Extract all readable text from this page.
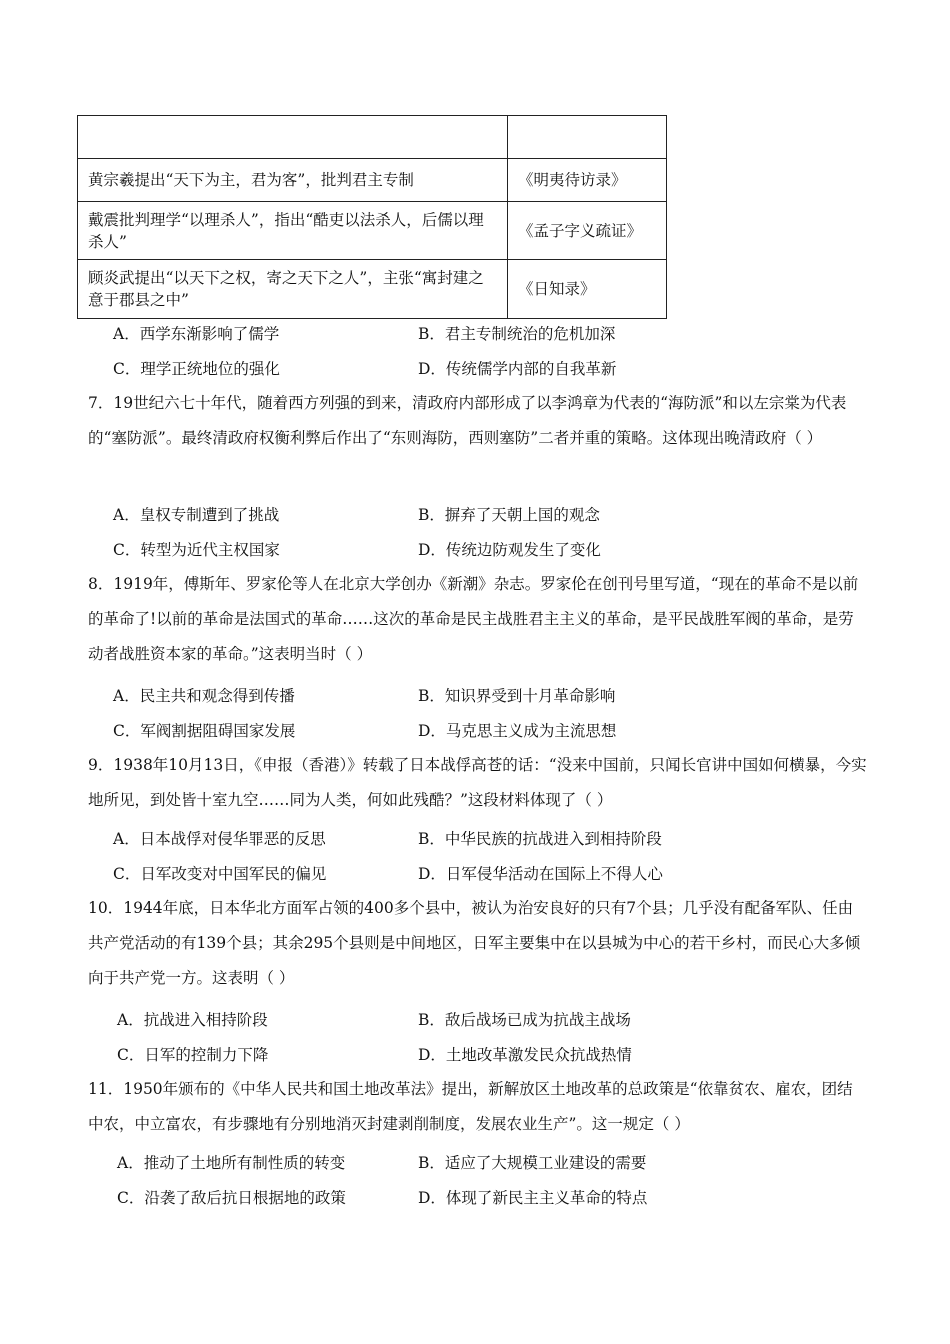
黄宗羲提出“天下为主，君为客”，批判君主专制	《明夷待访录》
戴震批判理学“以理杀人”，指出“酷吏以法杀人，后儒以理杀人”	《孟子字义疏证》
顾炎武提出“以天下之权，寄之天下之人”，主张“寓封建之意于郡县之中”	《日知录》
A．西学东渐影响了儒学	B．君主专制统治的危机加深
C．理学正统地位的强化	D．传统儒学内部的自我革新
7．19世纪六七十年代，随着西方列强的到来，清政府内部形成了以李鸿章为代表的“海防派”和以左宗棠为代表的“塞防派”。最终清政府权衡利弊后作出了“东则海防，西则塞防”二者并重的策略。这体现出晚清政府（ ）
A．皇权专制遭到了挑战	B．摒弃了天朝上国的观念
C．转型为近代主权国家	D．传统边防观发生了变化
8．1919年，傅斯年、罗家伦等人在北京大学创办《新潮》杂志。罗家伦在创刊号里写道，“现在的革命不是以前的革命了!以前的革命是法国式的革命……这次的革命是民主战胜君主主义的革命，是平民战胜军阀的革命，是劳动者战胜资本家的革命。”这表明当时（ ）
A．民主共和观念得到传播	B．知识界受到十月革命影响
C．军阀割据阻碍国家发展	D．马克思主义成为主流思想
9．1938年10月13日，《申报（香港）》转载了日本战俘高苍的话：“没来中国前，只闻长官讲中国如何横暴，今实地所见，到处皆十室九空……同为人类，何如此残酷？”这段材料体现了（ ）
A．日本战俘对侵华罪恶的反思	B．中华民族的抗战进入到相持阶段
C．日军改变对中国军民的偏见	D．日军侵华活动在国际上不得人心
10．1944年底，日本华北方面军占领的400多个县中，被认为治安良好的只有7个县；几乎没有配备军队、任由共产党活动的有139个县；其余295个县则是中间地区，日军主要集中在以县城为中心的若干乡村，而民心大多倾向于共产党一方。这表明（ ）
A．抗战进入相持阶段	B．敌后战场已成为抗战主战场
C．日军的控制力下降	D．土地改革激发民众抗战热情
11．1950年颁布的《中华人民共和国土地改革法》提出，新解放区土地改革的总政策是“依靠贫农、雇农，团结中农，中立富农，有步骤地有分别地消灭封建剥削制度，发展农业生产”。这一规定（ ）
A．推动了土地所有制性质的转变	B．适应了大规模工业建设的需要
C．沿袭了敌后抗日根据地的政策	D．体现了新民主主义革命的特点
